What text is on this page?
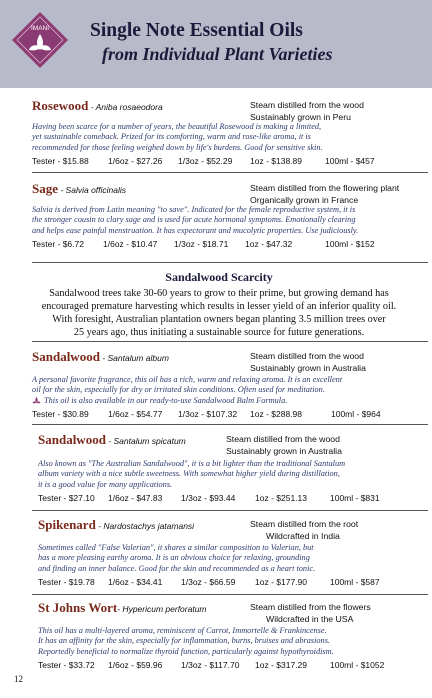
IMANI Single Note Essential Oils
from Individual Plant Varieties
Rosewood - Aniba rosaeodora	Steam distilled from the wood
Sustainably grown in Peru
Having been scarce for a number of years, the beautiful Rosewood is making a limited,
yet sustainable comeback. Prized for its comforting, warm and rose-like aroma, it is
recommended for those feeling weighed down by life's burdens. Good for sensitive skin.
Tester - $15.88 1/6oz - $27.26 1/3oz - $52.29 1oz - $138.89	100ml - $457
Sage - Salvia officinalis	Steam distilled from the flowering plant
Organically grown in France
Salvia is derived from Latin meaning "to save". Indicated for the female reproductive system, it is
the stronger cousin to clary sage and is used for acute hormonal symptoms. Emotionally clearing
and helps ease painful menstruation. It has expectorant and mucolytic properties. Use judiciously.
Tester - $6.72 1/6oz - $10.47 1/3oz - $18.71 1oz - $47.32	100ml - $152
Sandalwood Scarcity
Sandalwood trees take 30-60 years to grow to their prime, but growing demand has
encouraged premature harvesting which results in lesser yield of an inferior quality oil.
With foresight, Australian plantation owners began planting 3.5 million trees over
25 years ago, thus initiating a sustainable source for future generations.
Sandalwood - Santalum album	Steam distilled from the wood
Sustainably grown in Australia
A personal favorite fragrance, this oil has a rich, warm and relaxing aroma. It is an excellent
oil for the skin, especially for dry or irritated skin conditions. Often used for meditation.
This oil is also available in our ready-to-use Sandalwood Balm Formula.
Tester - $30.89 1/6oz - $54.77 1/3oz - $107.32 1oz - $288.98	100ml - $964
Sandalwood - Santalum spicatum	Steam distilled from the wood
Sustainably grown in Australia
Also known as "The Australian Sandalwood", it is a bit lighter than the traditional Santalum
album variety with a nice subtle sweetness. With somewhat higher yield during distillation,
it is a good value for many applications.
Tester - $27.10 1/6oz - $47.83 1/3oz - $93.44 1oz - $251.13	100ml - $831
Spikenard - Nardostachys jatamansi	Steam distilled from the root
Wildcrafted in India
Sometimes called "False Valerian", it shares a similar composition to Valerian, but
has a more pleasing earthy aroma. It is an obvious choice for relaxing, grounding
and finding an inner balance. Good for the skin and recommended as a heart tonic.
Tester - $19.78 1/6oz - $34.41 1/3oz - $66.59 1oz - $177.90	100ml - $587
St Johns Wort- Hypericum perforatum	Steam distilled from the flowers
Wildcrafted in the USA
This oil has a multi-layered aroma, reminiscent of Carrot, Immortelle & Frankincense.
It has an affinity for the skin, especially for inflammation, burns, bruises and abrasions.
Reportedly beneficial to normalize thyroid function, particularly against hypothyroidism.
Tester - $33.72 1/6oz - $59.96 1/3oz - $117.70 1oz - $317.29	100ml - $1052
12
